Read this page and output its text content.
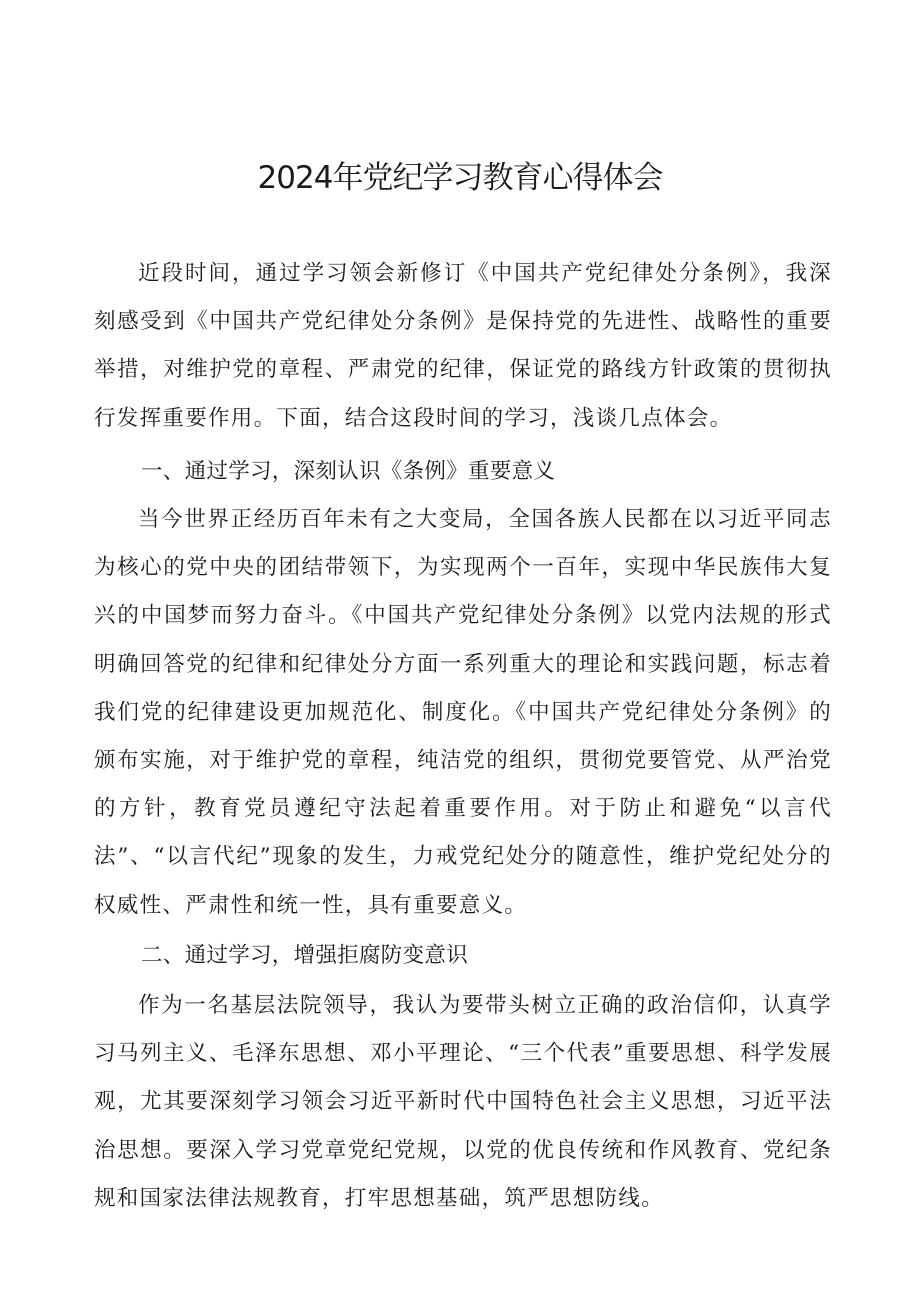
2024年党纪学习教育心得体会

近段时间，通过学习领会新修订《中国共产党纪律处分条例》，我深刻感受到《中国共产党纪律处分条例》是保持党的先进性、战略性的重要举措，对维护党的章程、严肃党的纪律，保证党的路线方针政策的贯彻执行发挥重要作用。下面，结合这段时间的学习，浅谈几点体会。

一、通过学习，深刻认识《条例》重要意义

当今世界正经历百年未有之大变局，全国各族人民都在以习近平同志为核心的党中央的团结带领下，为实现两个一百年，实现中华民族伟大复兴的中国梦而努力奋斗。《中国共产党纪律处分条例》以党内法规的形式明确回答党的纪律和纪律处分方面一系列重大的理论和实践问题，标志着我们党的纪律建设更加规范化、制度化。《中国共产党纪律处分条例》的颁布实施，对于维护党的章程，纯洁党的组织，贯彻党要管党、从严治党的方针，教育党员遵纪守法起着重要作用。对于防止和避免“以言代法”、“以言代纪”现象的发生，力戒党纪处分的随意性，维护党纪处分的权威性、严肃性和统一性，具有重要意义。

二、通过学习，增强拒腐防变意识

作为一名基层法院领导，我认为要带头树立正确的政治信仰，认真学习马列主义、毛泽东思想、邓小平理论、“三个代表”重要思想、科学发展观，尤其要深刻学习领会习近平新时代中国特色社会主义思想，习近平法治思想。要深入学习党章党纪党规，以党的优良传统和作风教育、党纪条规和国家法律法规教育，打牢思想基础，筑严思想防线。
